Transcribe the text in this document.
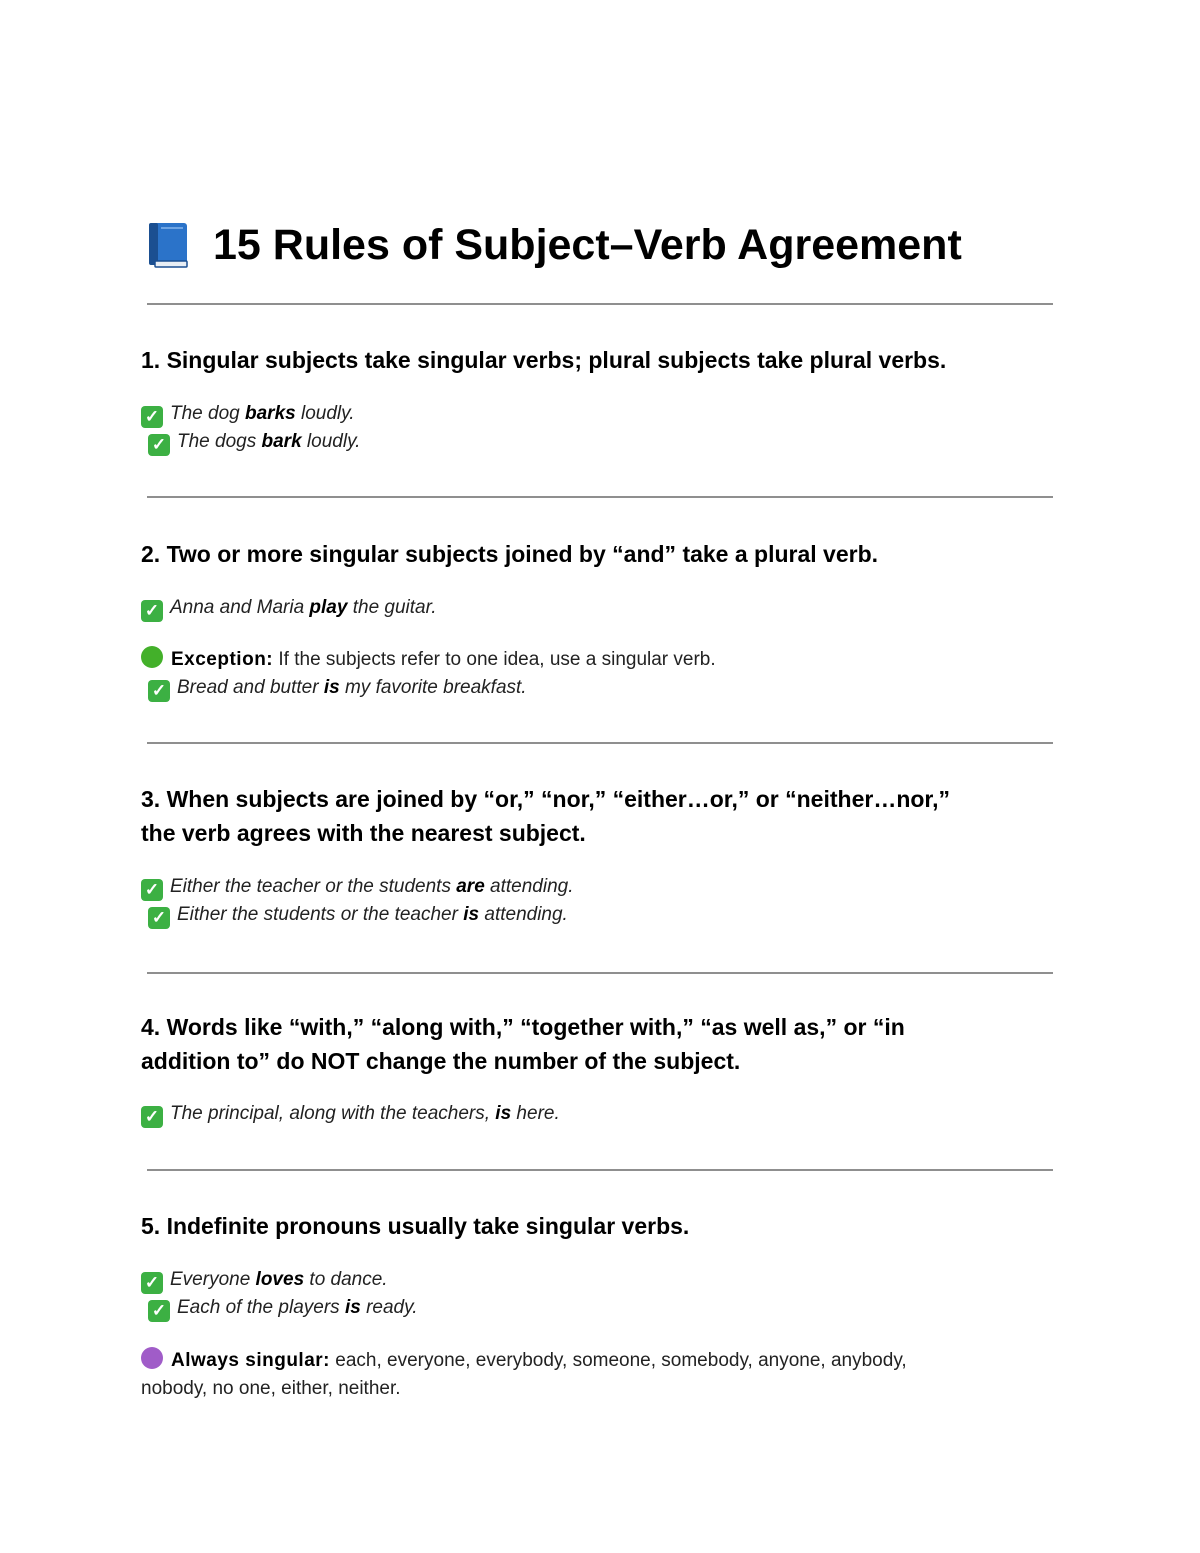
15 Rules of Subject–Verb Agreement
1. Singular subjects take singular verbs; plural subjects take plural verbs.
✓ The dog barks loudly.
✓ The dogs bark loudly.
2. Two or more singular subjects joined by “and” take a plural verb.
✓ Anna and Maria play the guitar.
Exception: If the subjects refer to one idea, use a singular verb.
✓ Bread and butter is my favorite breakfast.
3. When subjects are joined by “or,” “nor,” “either…or,” or “neither…nor,”
the verb agrees with the nearest subject.
✓ Either the teacher or the students are attending.
✓ Either the students or the teacher is attending.
4. Words like “with,” “along with,” “together with,” “as well as,” or “in
addition to” do NOT change the number of the subject.
✓ The principal, along with the teachers, is here.
5. Indefinite pronouns usually take singular verbs.
✓ Everyone loves to dance.
✓ Each of the players is ready.
Always singular: each, everyone, everybody, someone, somebody, anyone, anybody,
nobody, no one, either, neither.
